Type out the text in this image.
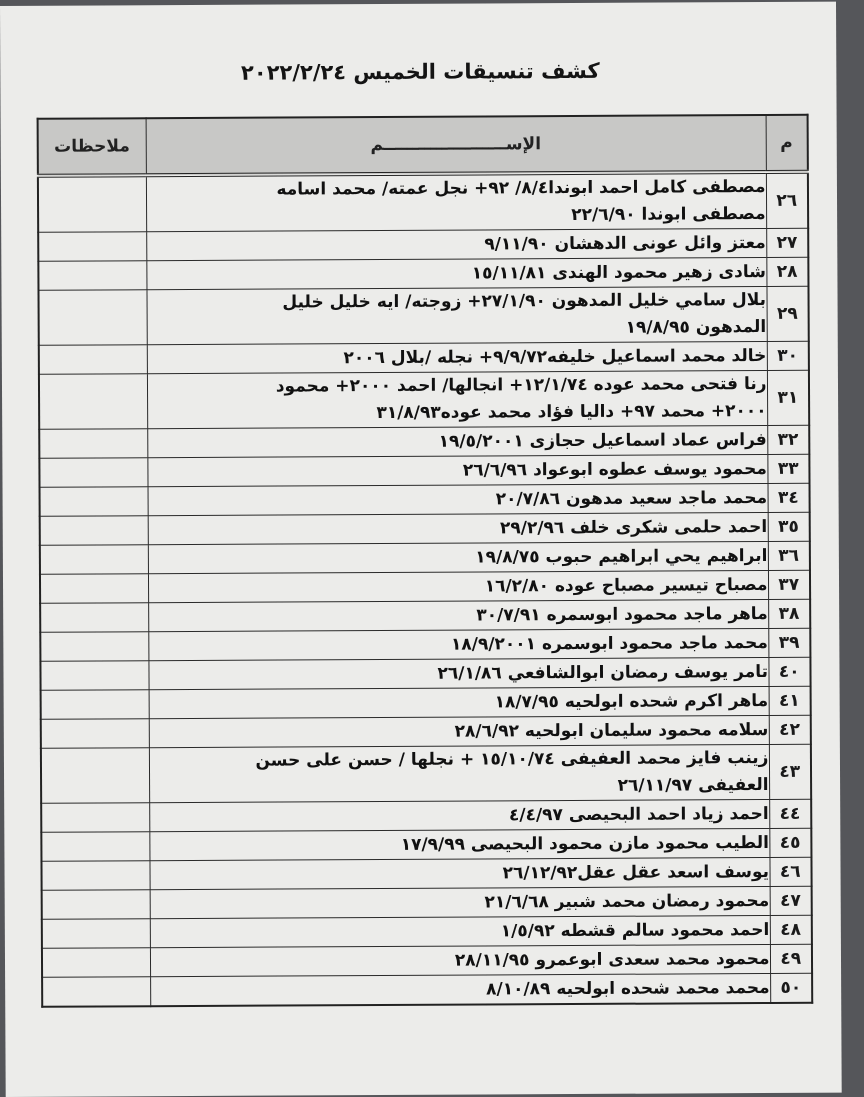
كشف تنسيقات الخميس ٢٠٢٢/٢/٢٤
م	الإســـــــــــــــــــــم	ملاحظات
٢٦	مصطفى كامل احمد ابوندا٨/٤/ ٩٢+ نجل عمته/ محمد اسامه
مصطفى ابوندا ٢٢/٦/٩٠	
٢٧	معتز وائل عونى الدهشان ٩/١١/٩٠	
٢٨	شادى زهير محمود الهندى ١٥/١١/٨١	
٢٩	بلال سامي خليل المدهون ٢٧/١/٩٠+ زوجته/ ايه خليل خليل
المدهون ١٩/٨/٩٥	
٣٠	خالد محمد اسماعيل خليفه٩/٩/٧٢+ نجله /بلال ٢٠٠٦	
٣١	رنا فتحى محمد عوده ١٢/١/٧٤+ انجالها/ احمد ٢٠٠٠+ محمود
٢٠٠٠+ محمد ٩٧+ داليا فؤاد محمد عوده٣١/٨/٩٣	
٣٢	فراس عماد اسماعيل حجازى ١٩/٥/٢٠٠١	
٣٣	محمود يوسف عطوه ابوعواد ٢٦/٦/٩٦	
٣٤	محمد ماجد سعيد مدهون ٢٠/٧/٨٦	
٣٥	احمد حلمى شكرى خلف ٢٩/٢/٩٦	
٣٦	ابراهيم يحي ابراهيم حبوب ١٩/٨/٧٥	
٣٧	مصباح تيسير مصباح عوده ١٦/٢/٨٠	
٣٨	ماهر ماجد محمود ابوسمره ٣٠/٧/٩١	
٣٩	محمد ماجد محمود ابوسمره ١٨/٩/٢٠٠١	
٤٠	تامر يوسف رمضان ابوالشافعي ٢٦/١/٨٦	
٤١	ماهر اكرم شحده ابولحيه ١٨/٧/٩٥	
٤٢	سلامه محمود سليمان ابولحيه ٢٨/٦/٩٢	
٤٣	زينب فايز محمد العفيفى ١٥/١٠/٧٤ + نجلها / حسن على حسن
العفيفى ٢٦/١١/٩٧	
٤٤	احمد زياد احمد البحيصى ٤/٤/٩٧	
٤٥	الطيب محمود مازن محمود البحيصى ١٧/٩/٩٩	
٤٦	يوسف اسعد عقل عقل٢٦/١٢/٩٢	
٤٧	محمود رمضان محمد شبير ٢١/٦/٦٨	
٤٨	احمد محمود سالم قشطه ١/٥/٩٢	
٤٩	محمود محمد سعدى ابوعمرو ٢٨/١١/٩٥	
٥٠	محمد محمد شحده ابولحيه ٨/١٠/٨٩	
